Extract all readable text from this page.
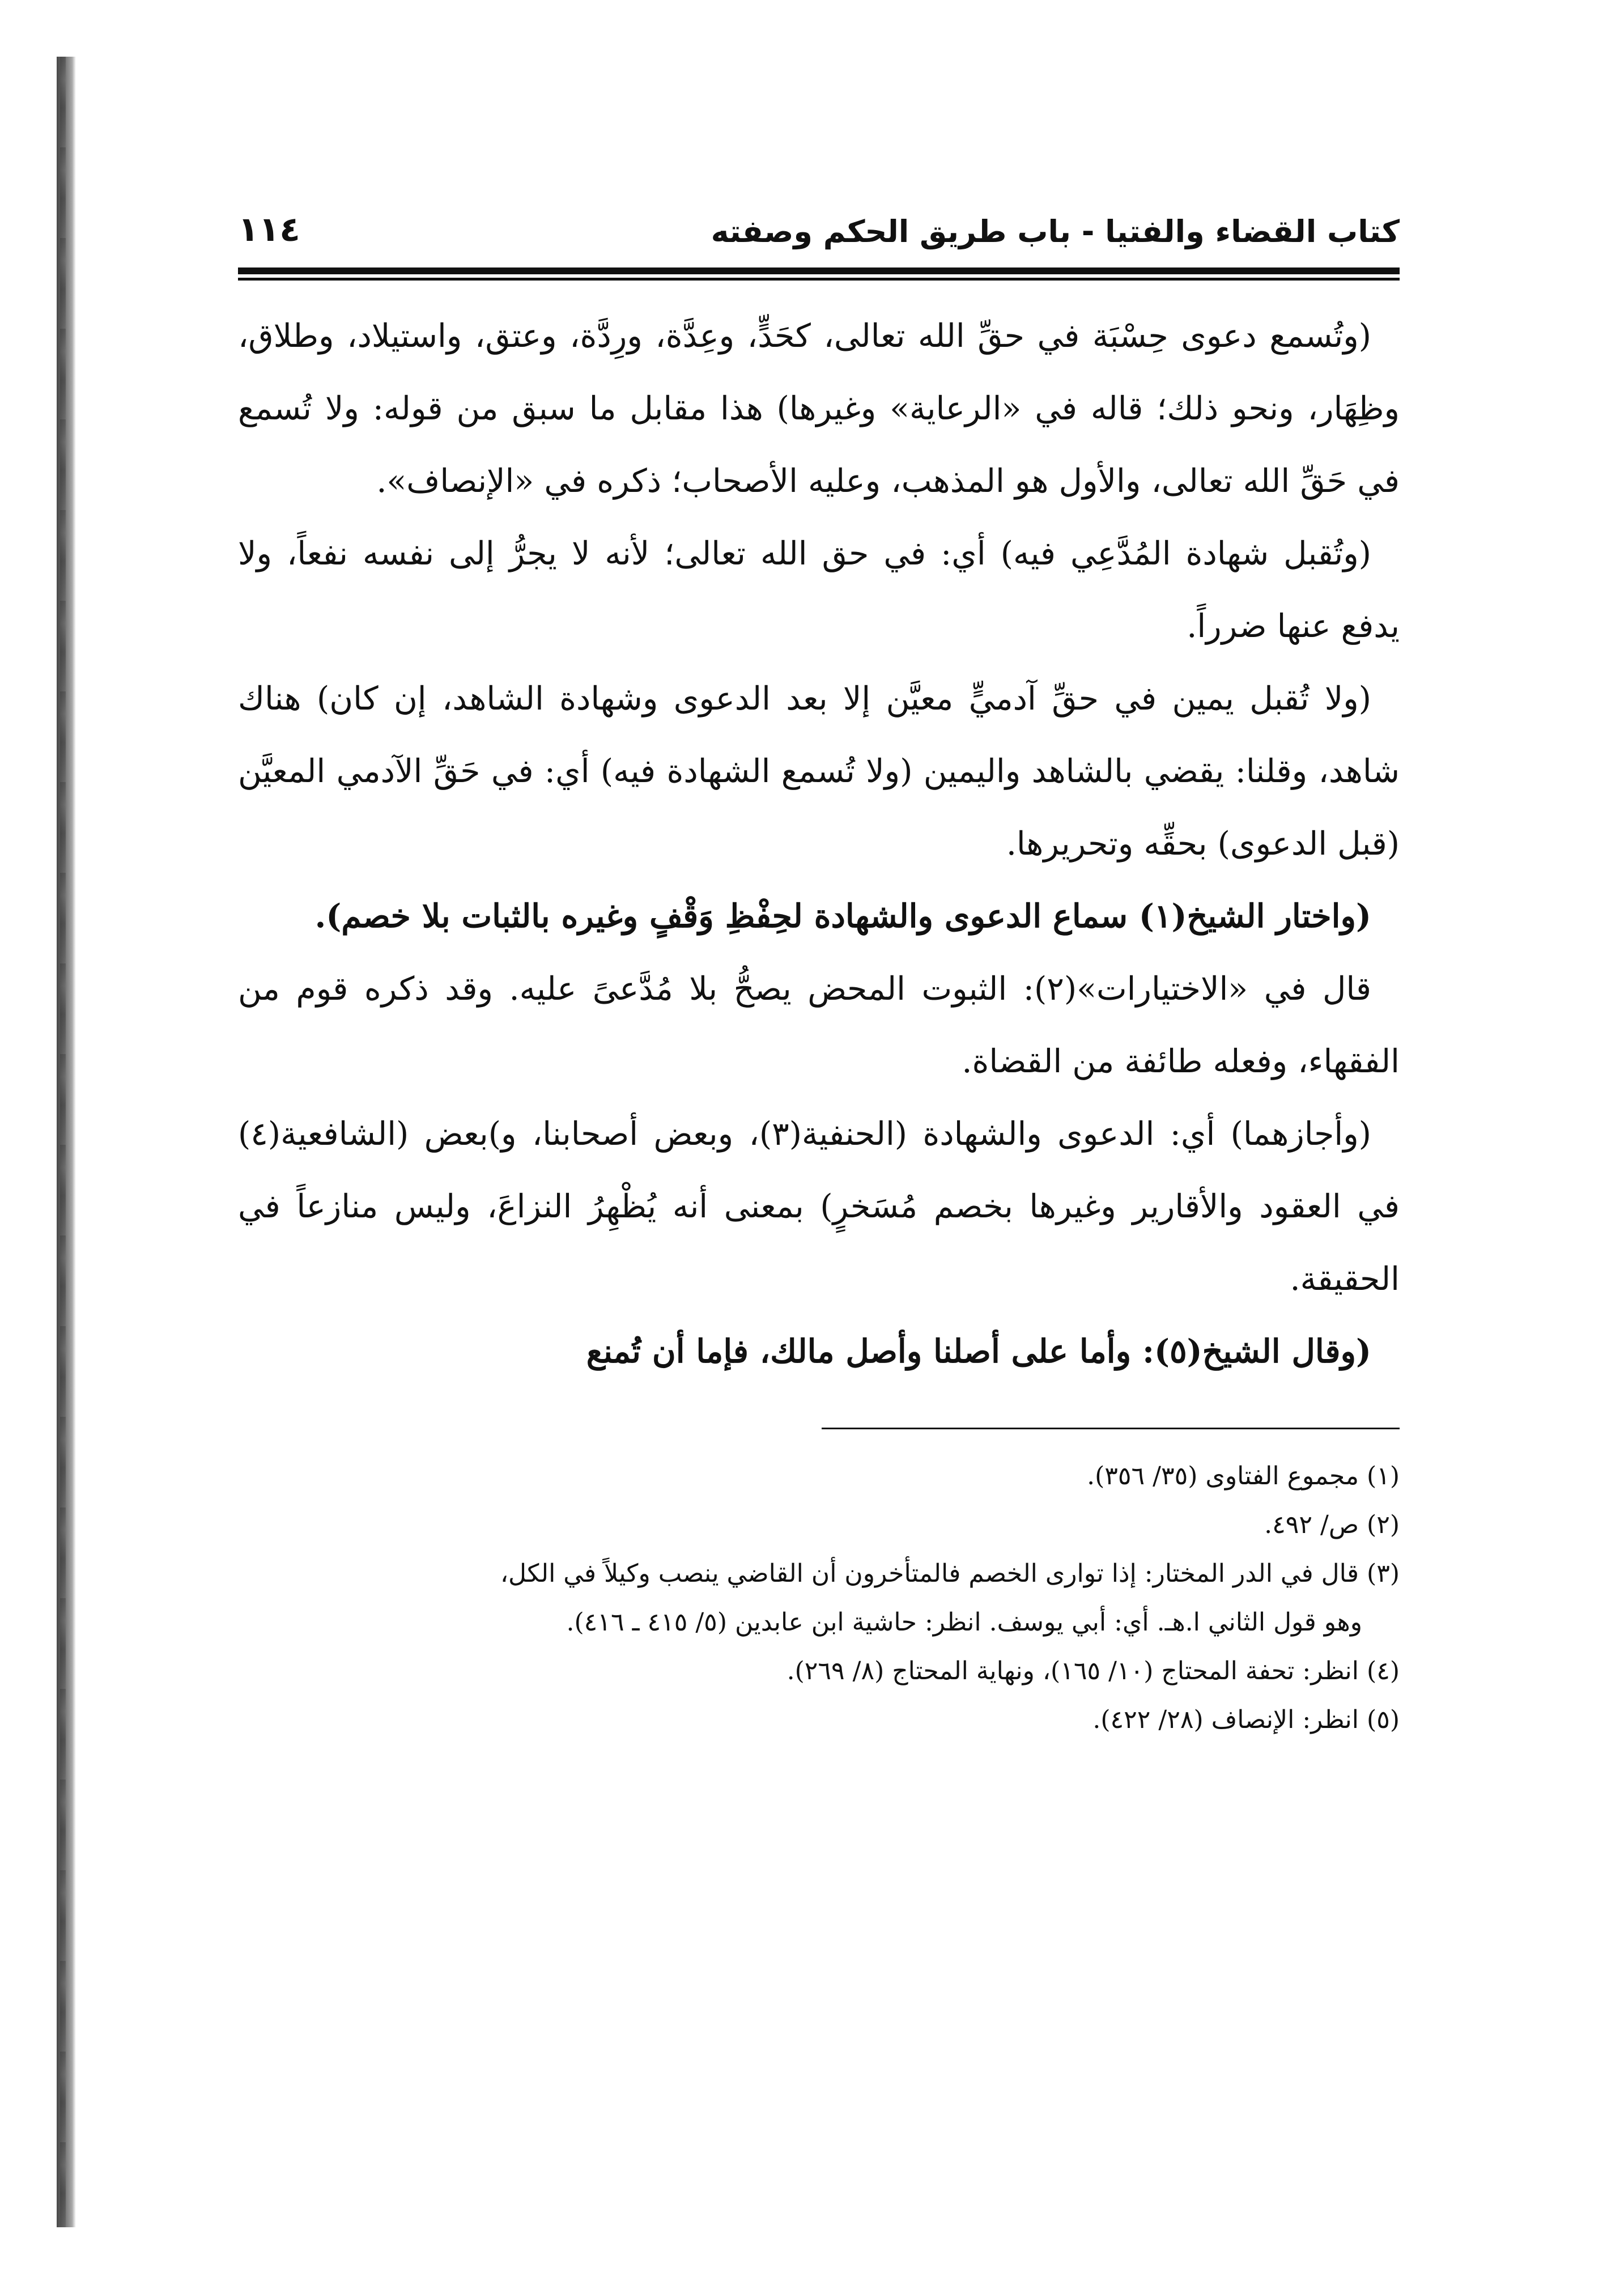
كتاب القضاء والفتيا - باب طريق الحكم وصفته
١١٤

(وتُسمع دعوى حِسْبَة في حقِّ الله تعالى، كحَدٍّ، وعِدَّة، ورِدَّة، وعتق، واستيلاد، وطلاق، وظِهَار، ونحو ذلك؛ قاله في «الرعاية» وغيرها) هذا مقابل ما سبق من قوله: ولا تُسمع في حَقِّ الله تعالى، والأول هو المذهب، وعليه الأصحاب؛ ذكره في «الإنصاف».

(وتُقبل شهادة المُدَّعِي فيه) أي: في حق الله تعالى؛ لأنه لا يجرُّ إلى نفسه نفعاً، ولا يدفع عنها ضرراً.

(ولا تُقبل يمين في حقِّ آدميٍّ معيَّن إلا بعد الدعوى وشهادة الشاهد، إن كان) هناك شاهد، وقلنا: يقضي بالشاهد واليمين (ولا تُسمع الشهادة فيه) أي: في حَقِّ الآدمي المعيَّن (قبل الدعوى) بحقِّه وتحريرها.

(واختار الشيخ(١) سماع الدعوى والشهادة لحِفْظِ وَقْفٍ وغيره بالثبات بلا خصم).

قال في «الاختيارات»(٢): الثبوت المحض يصحُّ بلا مُدَّعىً عليه. وقد ذكره قوم من الفقهاء، وفعله طائفة من القضاة.

(وأجازهما) أي: الدعوى والشهادة (الحنفية(٣)، وبعض أصحابنا، و)بعض (الشافعية(٤) في العقود والأقارير وغيرها بخصم مُسَخرٍ) بمعنى أنه يُظْهِرُ النزاعَ، وليس منازعاً في الحقيقة.

(وقال الشيخ(٥): وأما على أصلنا وأصل مالك، فإما أن تُمنع

(١) مجموع الفتاوى (٣٥/ ٣٥٦).

(٢) ص/ ٤٩٢.

(٣) قال في الدر المختار: إذا توارى الخصم فالمتأخرون أن القاضي ينصب وكيلاً في الكل،

وهو قول الثاني ا.هـ. أي: أبي يوسف. انظر: حاشية ابن عابدين (٥/ ٤١٥ ـ ٤١٦).

(٤) انظر: تحفة المحتاج (١٠/ ١٦٥)، ونهاية المحتاج (٨/ ٢٦٩).

(٥) انظر: الإنصاف (٢٨/ ٤٢٢).
